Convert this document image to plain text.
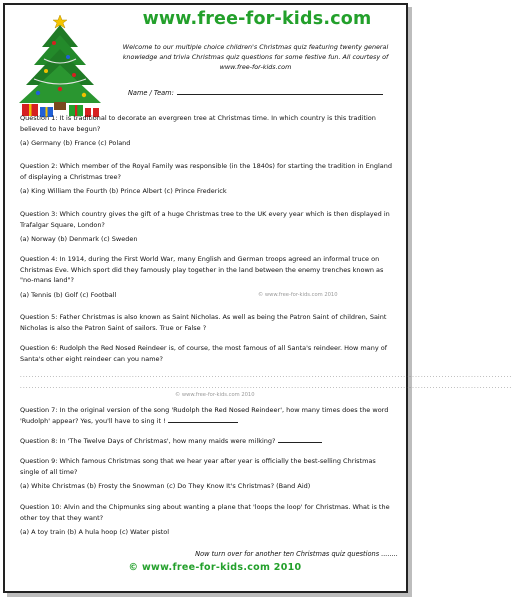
www.free-for-kids.com
Welcome to our multiple choice children's Christmas quiz featuring twenty general knowledge and trivia Christmas quiz questions for some festive fun. All courtesy of www.free-for-kids.com
Name / Team:

Question 1: It is traditional to decorate an evergreen tree at Christmas time. In which country is this tradition believed to have begun?

(a) Germany (b) France (c) Poland

Question 2: Which member of the Royal Family was responsible (in the 1840s) for starting the tradition in England of displaying a Christmas tree?

(a) King William the Fourth (b) Prince Albert (c) Prince Frederick

Question 3: Which country gives the gift of a huge Christmas tree to the UK every year which is then displayed in Trafalgar Square, London?

(a) Norway (b) Denmark (c) Sweden

Question 4: In 1914, during the First World War, many English and German troops agreed an informal truce on Christmas Eve. Which sport did they famously play together in the land between the enemy trenches known as "no-mans land"?

(a) Tennis (b) Golf (c) Football	© www.free-for-kids.com 2010

Question 5: Father Christmas is also known as Saint Nicholas. As well as being the Patron Saint of children, Saint Nicholas is also the Patron Saint of sailors. True or False ?

Question 6: Rudolph the Red Nosed Reindeer is, of course, the most famous of all Santa's reindeer. How many of Santa's other eight reindeer can you name?

.......................................................................................................................................................................
.......................................................................................................................................................................
© www.free-for-kids.com 2010

Question 7: In the original version of the song 'Rudolph the Red Nosed Reindeer', how many times does the word 'Rudolph' appear? Yes, you'll have to sing it !

Question 8: In 'The Twelve Days of Christmas', how many maids were milking?

Question 9: Which famous Christmas song that we hear year after year is officially the best-selling Christmas single of all time?

(a) White Christmas (b) Frosty the Snowman (c) Do They Know It's Christmas? (Band Aid)

Question 10: Alvin and the Chipmunks sing about wanting a plane that 'loops the loop' for Christmas. What is the other toy that they want?

(a) A toy train (b) A hula hoop (c) Water pistol

Now turn over for another ten Christmas quiz questions ........
© www.free-for-kids.com 2010
